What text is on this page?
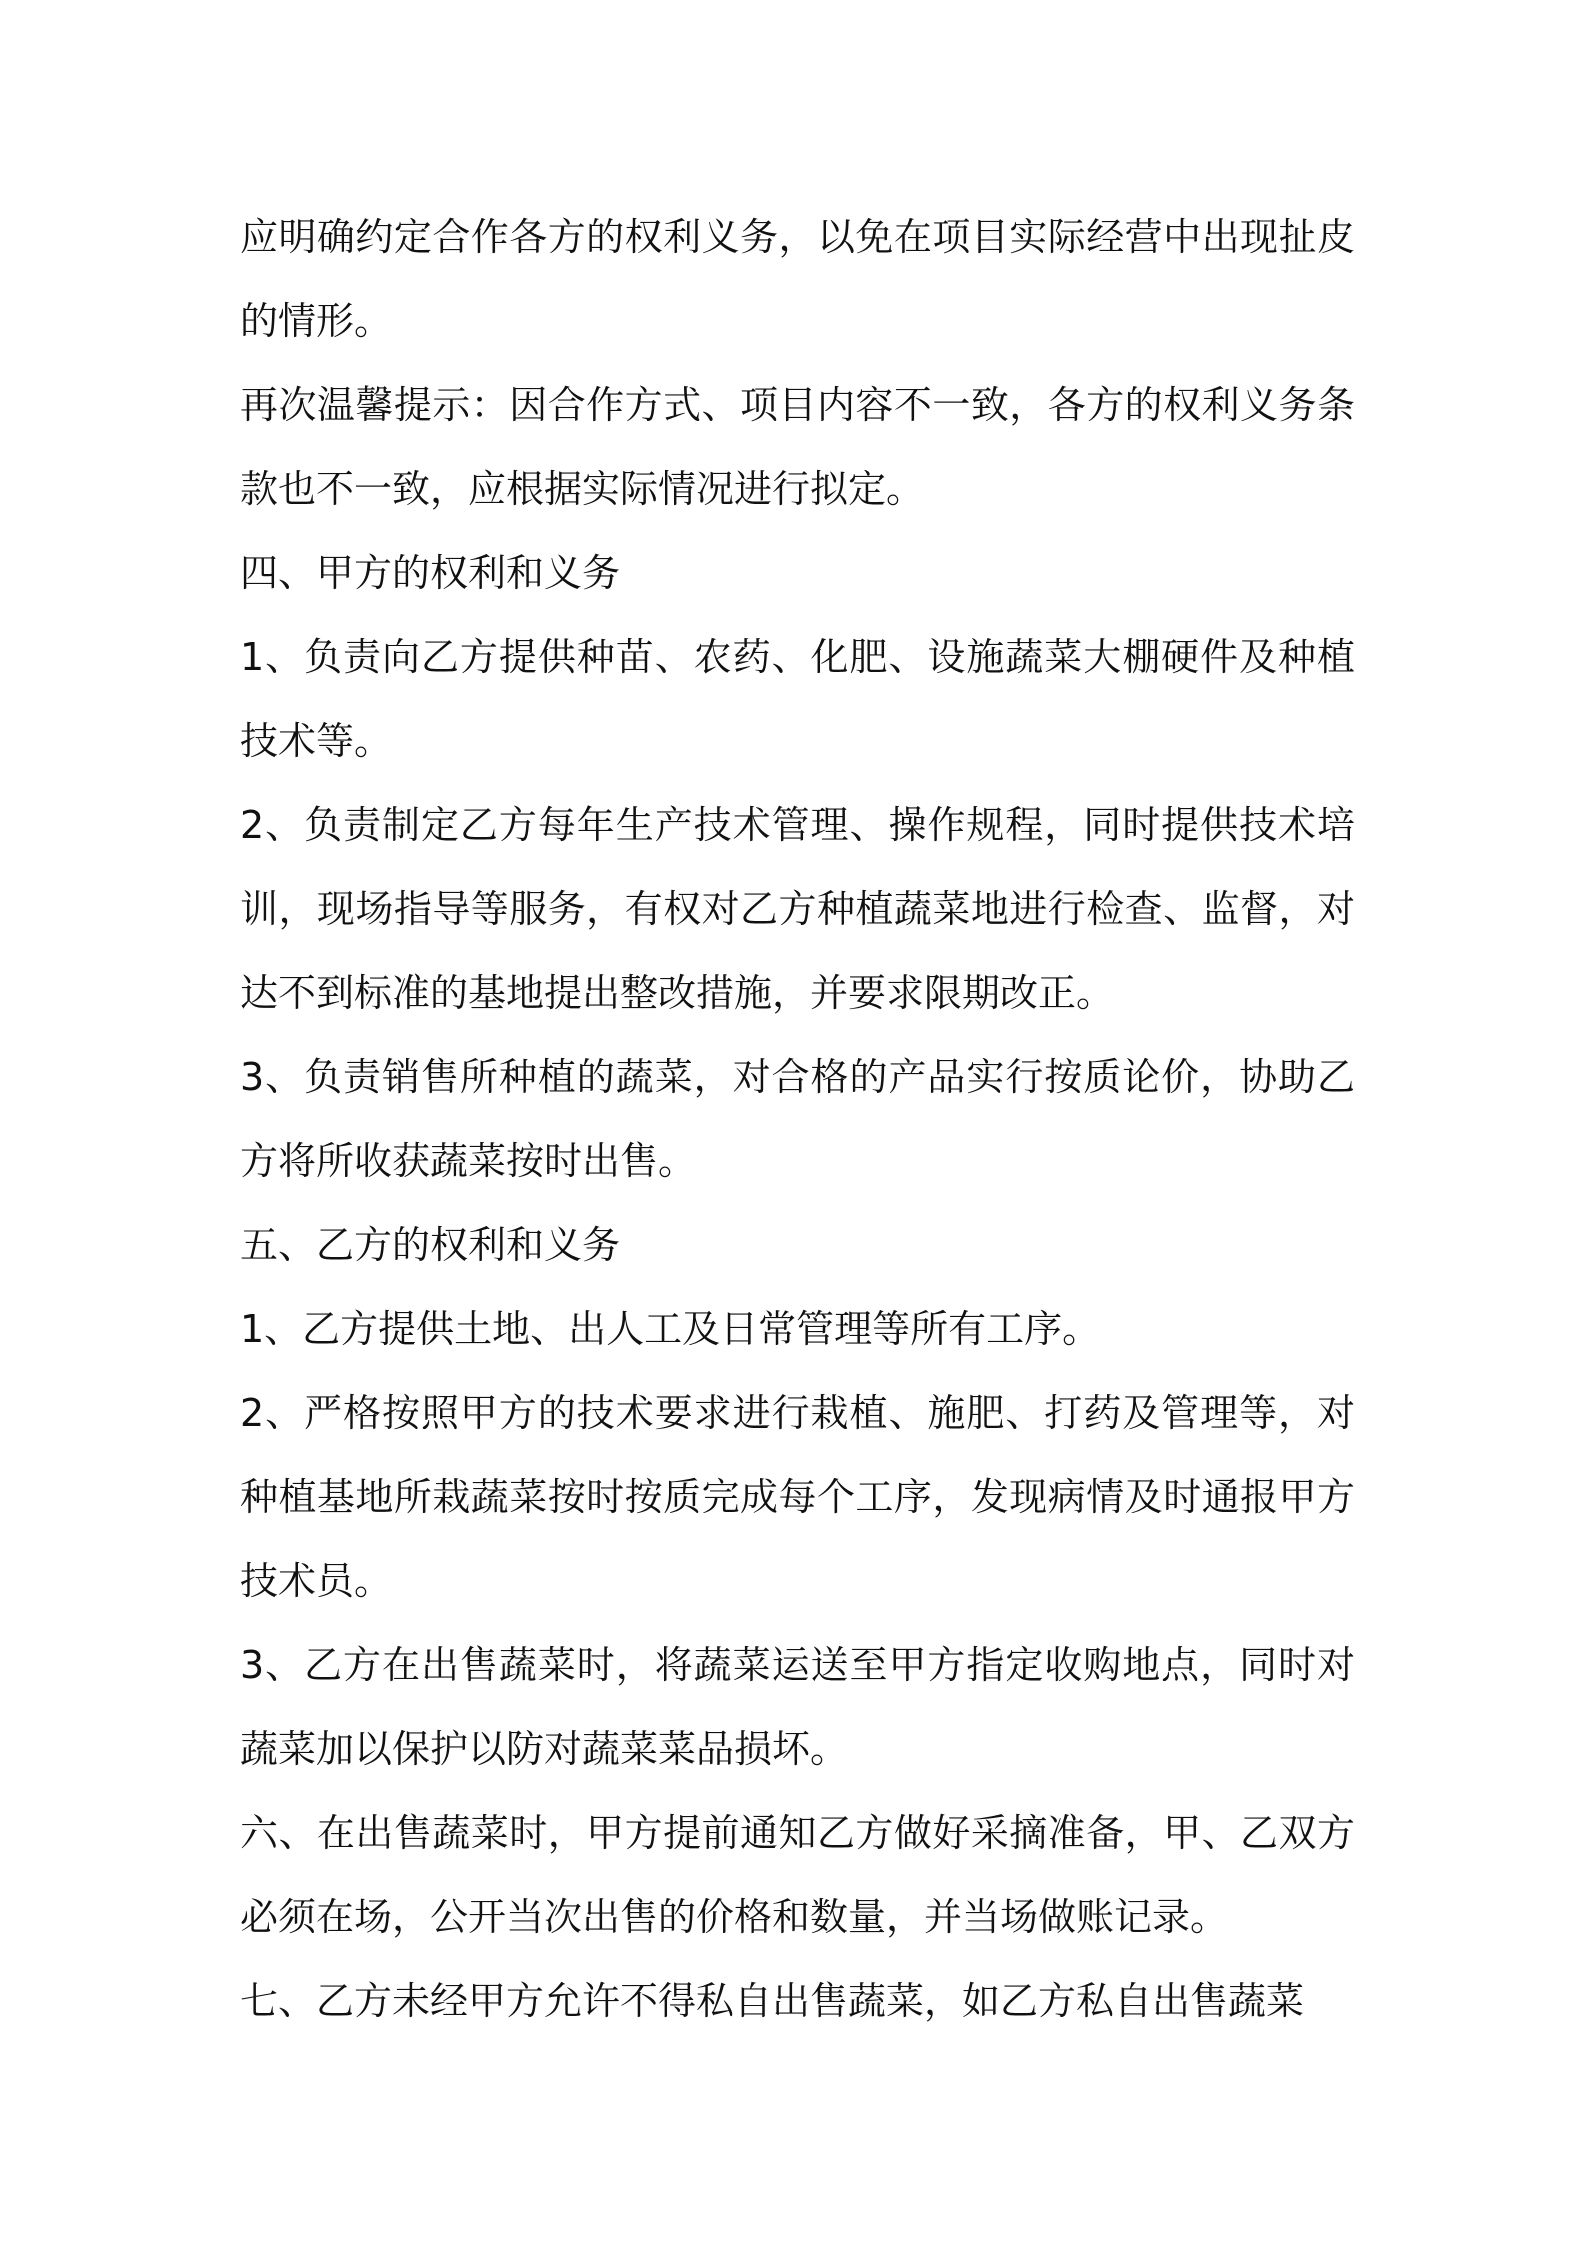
应明确约定合作各方的权利义务，以免在项目实际经营中出现扯皮的情形。

再次温馨提示：因合作方式、项目内容不一致，各方的权利义务条款也不一致，应根据实际情况进行拟定。

四、甲方的权利和义务

1、负责向乙方提供种苗、农药、化肥、设施蔬菜大棚硬件及种植技术等。

2、负责制定乙方每年生产技术管理、操作规程，同时提供技术培训，现场指导等服务，有权对乙方种植蔬菜地进行检查、监督，对达不到标准的基地提出整改措施，并要求限期改正。

3、负责销售所种植的蔬菜，对合格的产品实行按质论价，协助乙方将所收获蔬菜按时出售。

五、乙方的权利和义务

1、乙方提供土地、出人工及日常管理等所有工序。

2、严格按照甲方的技术要求进行栽植、施肥、打药及管理等，对种植基地所栽蔬菜按时按质完成每个工序，发现病情及时通报甲方技术员。

3、乙方在出售蔬菜时，将蔬菜运送至甲方指定收购地点，同时对蔬菜加以保护以防对蔬菜菜品损坏。

六、在出售蔬菜时，甲方提前通知乙方做好采摘准备，甲、乙双方必须在场，公开当次出售的价格和数量，并当场做账记录。

七、乙方未经甲方允许不得私自出售蔬菜，如乙方私自出售蔬菜
